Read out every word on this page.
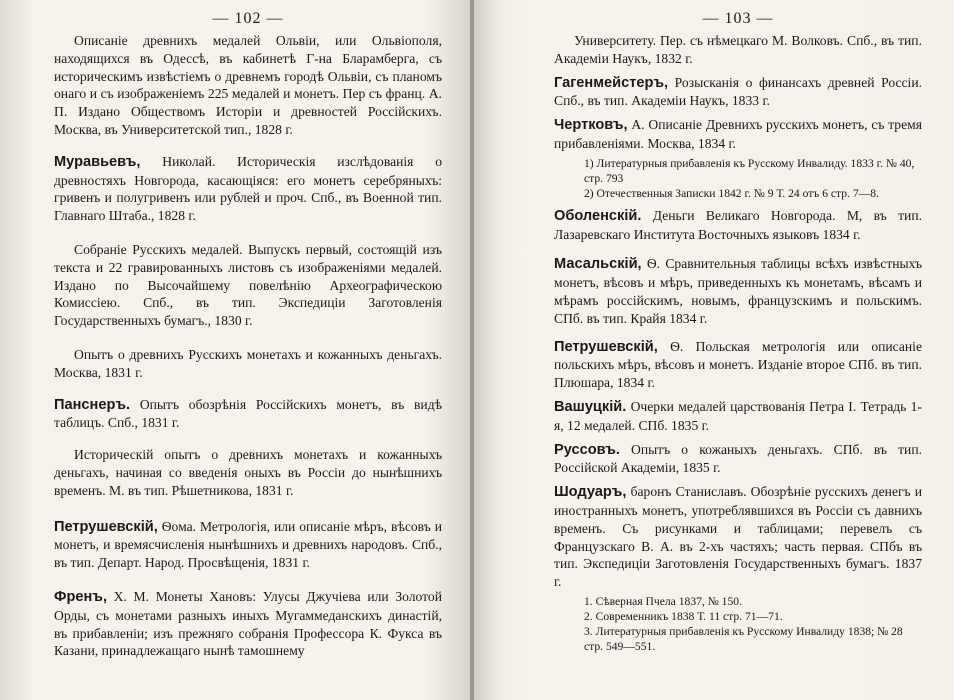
— 102 —

Описаніе древнихъ медалей Ольвіи, или Ольвіополя, находящихся въ Одессѣ, въ кабинетѣ Г-на Бларамберга, съ историческимъ извѣстіемъ о древнемъ городѣ Ольвіи, съ планомъ онаго и съ изображеніемъ 225 медалей и монетъ. Пер съ франц. А. П. Издано Обществомъ Исторіи и древностей Россійскихъ. Москва, въ Университетской тип., 1828 г.

Муравьевъ, Николай. Историческія изслѣдованія о древностяхъ Новгорода, касающіяся: его монетъ серебряныхъ: гривенъ и полугривенъ или рублей и проч. Спб., въ Военной тип. Главнаго Штаба., 1828 г.

Собраніе Русскихъ медалей. Выпускъ первый, состоящій изъ текста и 22 гравированныхъ листовъ съ изображеніями медалей. Издано по Высочайшему повелѣнію Археографическою Комиссіею. Спб., въ тип. Экспедиціи Заготовленія Государственныхъ бумагъ., 1830 г.

Опытъ о древнихъ Русскихъ монетахъ и кожанныхъ деньгахъ. Москва, 1831 г.

Панснеръ. Опытъ обозрѣнія Россійскихъ монетъ, въ видѣ таблицъ. Спб., 1831 г.

Историческій опытъ о древнихъ монетахъ и кожанныхъ деньгахъ, начиная со введенія оныхъ въ Россіи до нынѣшнихъ временъ. М. въ тип. Рѣшетникова, 1831 г.

Петрушевскій, Ѳома. Метрологія, или описаніе мѣръ, вѣсовъ и монетъ, и времясчисленія нынѣшнихъ и древнихъ народовъ. Спб., въ тип. Департ. Народ. Просвѣщенія, 1831 г.

Френъ, Х. М. Монеты Хановъ: Улусы Джучіева или Золотой Орды, съ монетами разныхъ иныхъ Мугаммеданскихъ династій, въ прибавленіи; изъ прежняго собранія Профессора К. Фукса въ Казани, принадлежащаго нынѣ тамошнему

— 103 —

Университету. Пер. съ нѣмецкаго М. Волковъ. Спб., въ тип. Академіи Наукъ, 1832 г.

Гагенмейстеръ, Розысканія о финансахъ древней Россіи. Спб., въ тип. Академіи Наукъ, 1833 г.

Чертковъ, А. Описаніе Древнихъ русскихъ монетъ, съ тремя прибавленіями. Москва, 1834 г.

1) Литературныя прибавленія къ Русскому Инвалиду. 1833 г. № 40, стр. 793

2) Отечественныя Записки 1842 г. № 9 Т. 24 отъ 6 стр. 7—8.

Оболенскій. Деньги Великаго Новгорода. М, въ тип. Лазаревскаго Института Восточныхъ языковъ 1834 г.

Масальскій, Ѳ. Сравнительныя таблицы всѣхъ извѣстныхъ монетъ, вѣсовъ и мѣръ, приведенныхъ къ монетамъ, вѣсамъ и мѣрамъ россійскимъ, новымъ, французскимъ и польскимъ. СПб. въ тип. Крайя 1834 г.

Петрушевскій, Ѳ. Польская метрологія или описаніе польскихъ мѣръ, вѣсовъ и монетъ. Изданіе второе СПб. въ тип. Плюшара, 1834 г.

Вашуцкій. Очерки медалей царствованія Петра I. Тетрадь 1-я, 12 медалей. СПб. 1835 г.

Руссовъ. Опытъ о кожаныхъ деньгахъ. СПб. въ тип. Россійской Академіи, 1835 г.

Шодуаръ, баронъ Станиславъ. Обозрѣніе русскихъ денегъ и иностранныхъ монетъ, употреблявшихся въ Россіи съ давнихъ временъ. Съ рисунками и таблицами; перевелъ съ Французскаго В. А. въ 2-хъ частяхъ; часть первая. СПбъ въ тип. Экспедиціи Заготовленія Государственныхъ бумагъ. 1837 г.

1. Сѣверная Пчела 1837, № 150.

2. Современникъ 1838 Т. 11 стр. 71—71.

3. Литературныя прибавленія къ Русскому Инвалиду 1838; № 28 стр. 549—551.
